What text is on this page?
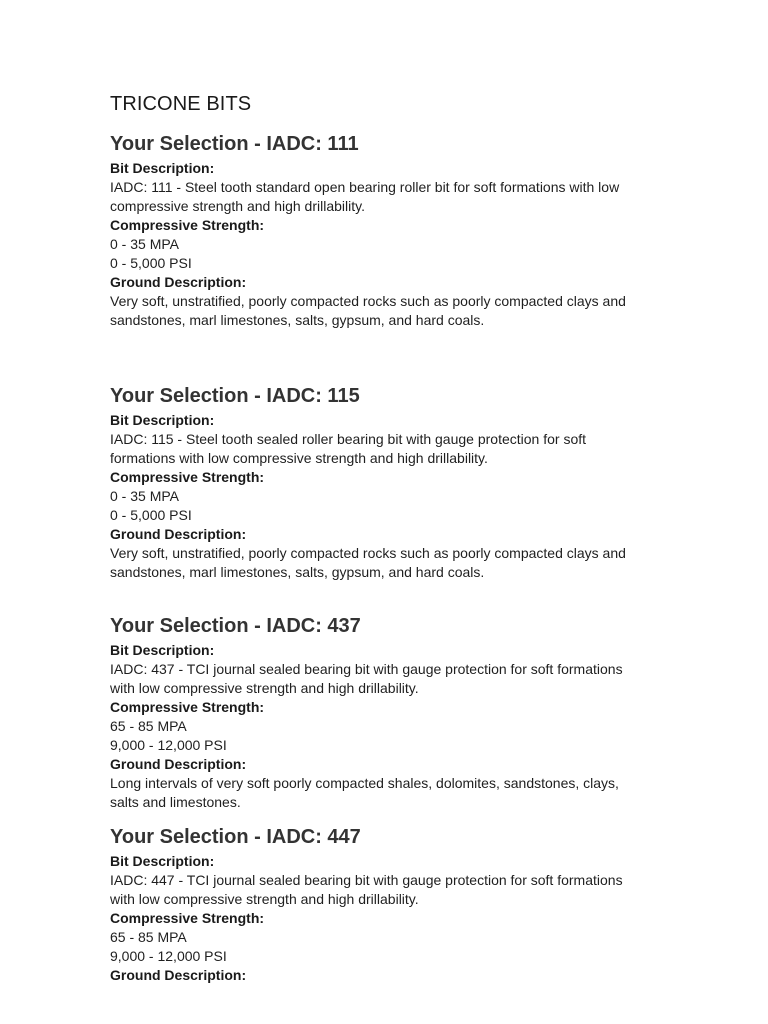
TRICONE BITS
Your Selection - IADC: 111
Bit Description:
IADC: 111 - Steel tooth standard open bearing roller bit for soft formations with low
compressive strength and high drillability.
Compressive Strength:
0 - 35 MPA
0 - 5,000 PSI
Ground Description:
Very soft, unstratified, poorly compacted rocks such as poorly compacted clays and
sandstones, marl limestones, salts, gypsum, and hard coals.
Your Selection - IADC: 115
Bit Description:
IADC: 115 - Steel tooth sealed roller bearing bit with gauge protection for soft
formations with low compressive strength and high drillability.
Compressive Strength:
0 - 35 MPA
0 - 5,000 PSI
Ground Description:
Very soft, unstratified, poorly compacted rocks such as poorly compacted clays and
sandstones, marl limestones, salts, gypsum, and hard coals.
Your Selection - IADC: 437
Bit Description:
IADC: 437 - TCI journal sealed bearing bit with gauge protection for soft formations
with low compressive strength and high drillability.
Compressive Strength:
65 - 85 MPA
9,000 - 12,000 PSI
Ground Description:
Long intervals of very soft poorly compacted shales, dolomites, sandstones, clays,
salts and limestones.
Your Selection - IADC: 447
Bit Description:
IADC: 447 - TCI journal sealed bearing bit with gauge protection for soft formations
with low compressive strength and high drillability.
Compressive Strength:
65 - 85 MPA
9,000 - 12,000 PSI
Ground Description:
